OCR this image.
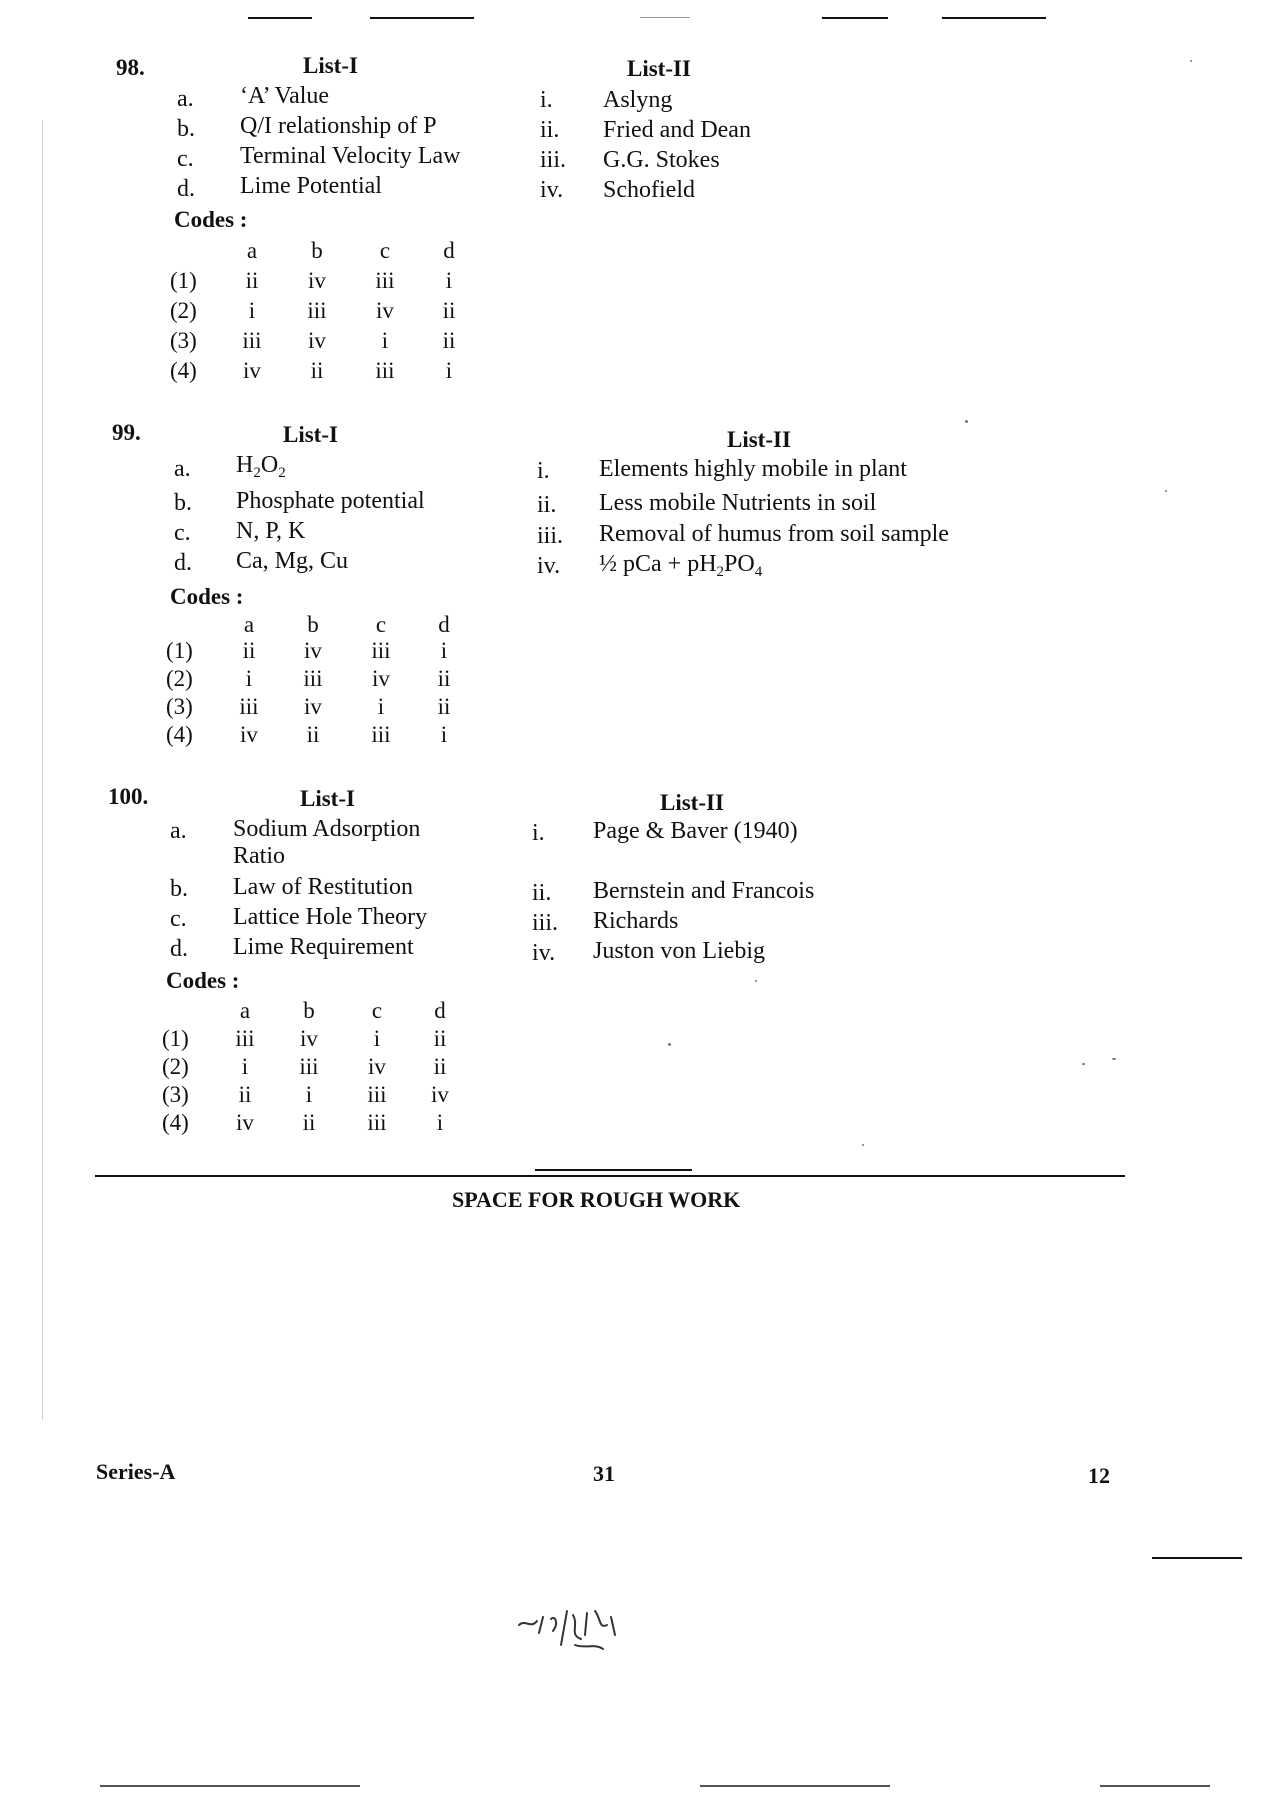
98.	List-I	List-II
a. ‘A’ Value
b. Q/I relationship of P
c. Terminal Velocity Law
d. Lime Potential
i. Aslyng
ii. Fried and Dean
iii. G.G. Stokes
iv. Schofield
Codes :
a b c d
(1)	ii	iv	iii	i
(2)	i	iii	iv	ii
(3) iii	iv	i	ii
(4)	iv	ii	iii	i
99.	List-I	List-II
a. $H_2O_2$
b. Phosphate potential
c. N, P, K
d. Ca, Mg, Cu
i. Elements highly mobile in plant
ii. Less mobile Nutrients in soil
iii. Removal of humus from soil sample
iv. ½ pCa + $pH_2PO_4$
Codes :
a b c d
(1)	ii	iv	iii	i
(2)	i	iii	iv	ii
(3) iii	iv	i	ii
(4)	iv	ii	iii	i
100.	List-I	List-II
a. Sodium Adsorption
Ratio
b. Law of Restitution
c. Lattice Hole Theory
d. Lime Requirement
i. Page & Baver (1940)
ii. Bernstein and Francois
iii. Richards
iv. Juston von Liebig
Codes :
a b c d
(1) iii	iv	i	ii
(2)	i	iii	iv	ii
(3)	ii	i	iii	iv
(4)	iv	ii	iii	i
SPACE FOR ROUGH WORK
Series-A	31	12
